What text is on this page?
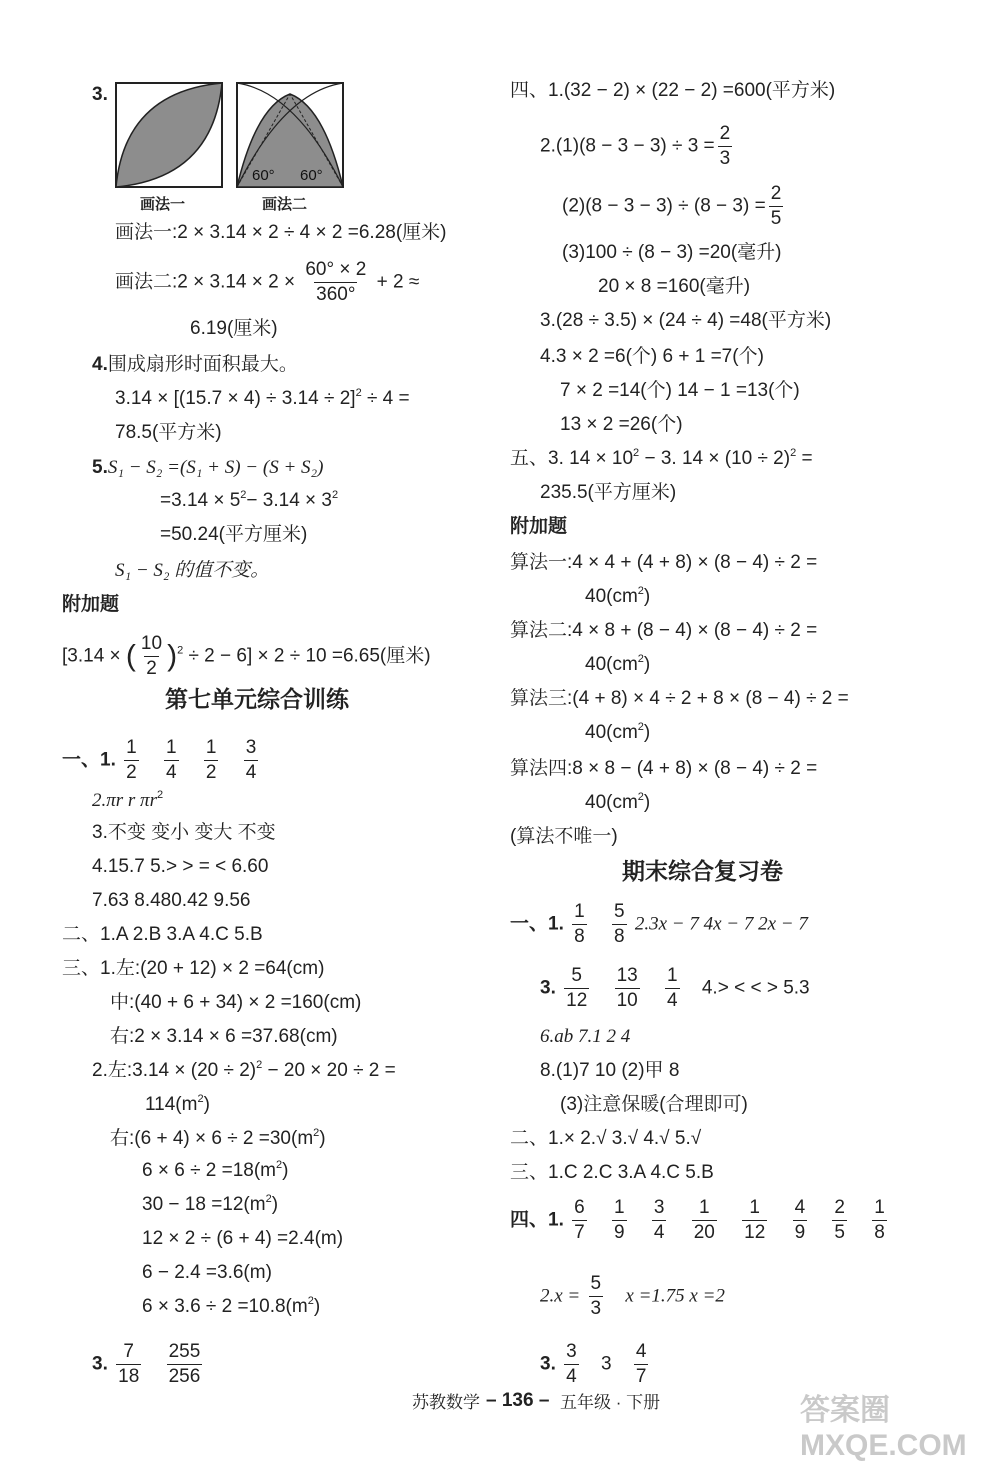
3.
60° 60°
画法一	画法二
画法一:2 × 3.14 × 2 ÷ 4 × 2 =6.28(厘米)
画法二:2 × $3.14 \times 2 \times \frac{60^\circ \times 2}{360^\circ} + 2$ ≈
6.19(厘米)
4.围成扇形时面积最大。
$3.14 \times [(15.7 \times 4) \div 3.14 \div 2]^2 \div 4$ =
78.5(平方米)
5.S₁ − S₂ =(S₁ + S) − (S + S₂)
$=3.14 \times 5^2- 3.14 \times 3^2$
=50.24(平方厘米)
S₁ − S₂ 的值不变。
附加题
[3.14 × ( $\frac{10}{2} )^2 \div 2 - 6] \times 2 \div 10 =6.65$(厘米)
第七单元综合训练
一、1. $\frac{1}{2}$
$\frac{1}{4}$
$\frac{1}{2}$
$\frac{3}{4}$
2.πr r $\pi r^2$
3.不变 变小 变大 不变
4.15.7 5.> > = < 6.60
7.63 8.480.42 9.56
二、1.A 2.B 3.A 4.C 5.B
三、1.左:(20 + 12) × 2 =64(cm)
中:(40 + 6 + 34) × 2 =160(cm)
右:2 × 3.14 × 6 =37.68(cm)
2.左:3.14 × $(20 \div 2)^2 - 20 \times 20 \div 2$ =
$114(m^2)$
右:(6 + $4) \times 6 \div 2 =30(m^2)$
$6 \times 6 \div 2 =18(m^2)$
$30 - 18 =12(m^2)$
12 × 2 ÷ (6 + 4) =2.4(m)
6 − 2.4 =3.6(m)
$6 \times 3.6 \div 2 =10.8(m^2)$
3. $\frac{7}{18}$
$\frac{255}{256}$
四、1.(32 − 2) × (22 − 2) =600(平方米)
$2.(1)(8 - 3 - 3) \div 3 = \frac{2}{3}$
$(2)(8 - 3 - 3) \div (8 - 3) = \frac{2}{5}$
(3)100 ÷ (8 − 3) =20(毫升)
20 × 8 =160(毫升)
3.(28 ÷ 3.5) × (24 ÷ 4) =48(平方米)
4.3 × 2 =6(个) 6 + 1 =7(个)
7 × 2 =14(个) 14 − 1 =13(个)
13 × 2 =26(个)
五、3. $14 \times 10^2 - 3$. $14 \times (10 \div 2)^2$ =
235.5(平方厘米)
附加题
算法一:4 × 4 + (4 + 8) × (8 − 4) ÷ 2 =
$40(cm^2)$
算法二:4 × 8 + (8 − 4) × (8 − 4) ÷ 2 =
$40(cm^2)$
算法三:(4 + 8) × 4 ÷ 2 + 8 × (8 − 4) ÷ 2 =
$40(cm^2)$
算法四:8 × 8 − (4 + 8) × (8 − 4) ÷ 2 =
$40(cm^2)$
(算法不唯一)
期末综合复习卷
一、1. $\frac{1}{8}$
$\frac{5}{8} 2.3x - 7$ 4x − 7 2x − 7
3. $\frac{5}{12}$
$\frac{13}{10}$
$\frac{1}{4} 4.>$ < < > 5.3
6.ab 7.1 2 4
8.(1)7 10 (2)甲 8
(3)注意保暖(合理即可)
二、1.× 2.√ 3.√ 4.√ 5.√
三、1.C 2.C 3.A 4.C 5.B
四、1. $\frac{6}{7}$
$\frac{1}{9}$
$\frac{3}{4}$
$\frac{1}{20}$
$\frac{1}{12}$
$\frac{4}{9}$
$\frac{2}{5}$
$\frac{1}{8}$
$2.x = \frac{5}{3}$ x =1.75 x =2
3. $\frac{3}{4} 3 \frac{4}{7}$
苏教数学 – 136 – 五年级 · 下册	答案圈 MXQE.COM
